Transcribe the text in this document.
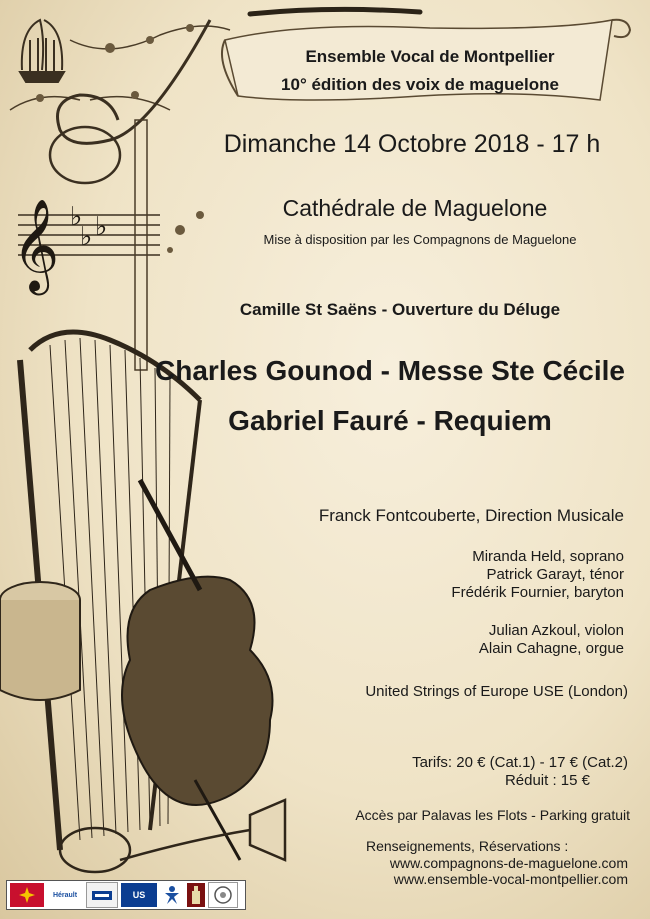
𝄞 ♭
♭ ♭
Ensemble Vocal de Montpellier
10° édition des voix de maguelone
Dimanche 14 Octobre 2018 - 17 h
Cathédrale de Maguelone
Mise à disposition par les Compagnons de Maguelone
Camille St Saëns - Ouverture du Déluge
Charles Gounod - Messe Ste Cécile
Gabriel Fauré - Requiem
Franck Fontcouberte, Direction Musicale
Miranda Held, soprano
Patrick Garayt, ténor
Frédérik Fournier, baryton
Julian Azkoul, violon
Alain Cahagne, orgue
United Strings of Europe USE (London)
Tarifs: 20 € (Cat.1) - 17 € (Cat.2)
Réduit : 15 €
Accès par Palavas les Flots - Parking gratuit
Renseignements, Réservations :
www.compagnons-de-maguelone.com
www.ensemble-vocal-montpellier.com
Hérault	US
